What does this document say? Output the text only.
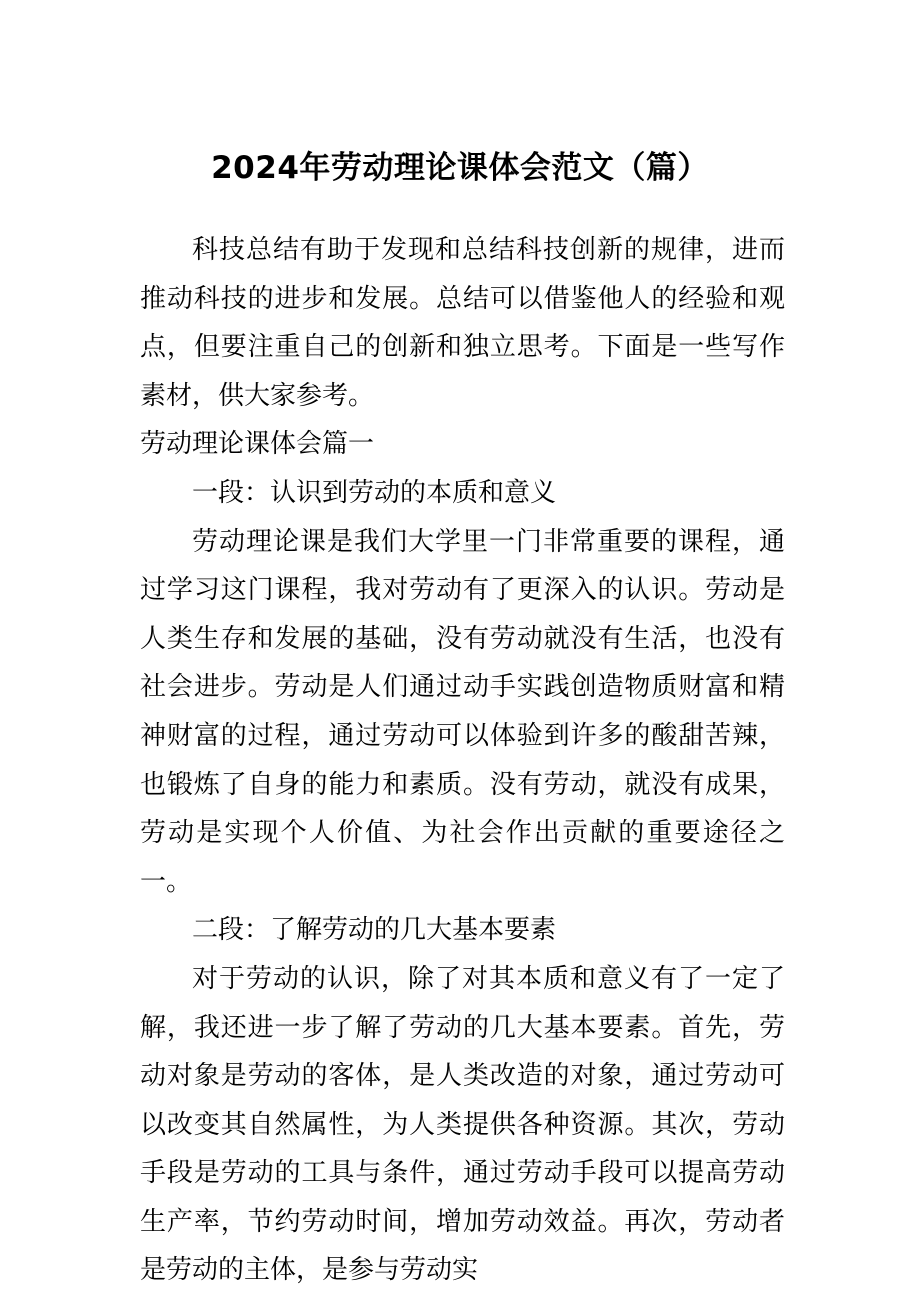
2024年劳动理论课体会范文（篇）

科技总结有助于发现和总结科技创新的规律，进而推动科技的进步和发展。总结可以借鉴他人的经验和观点，但要注重自己的创新和独立思考。下面是一些写作素材，供大家参考。

劳动理论课体会篇一

一段：认识到劳动的本质和意义

劳动理论课是我们大学里一门非常重要的课程，通过学习这门课程，我对劳动有了更深入的认识。劳动是人类生存和发展的基础，没有劳动就没有生活，也没有社会进步。劳动是人们通过动手实践创造物质财富和精神财富的过程，通过劳动可以体验到许多的酸甜苦辣，也锻炼了自身的能力和素质。没有劳动，就没有成果，劳动是实现个人价值、为社会作出贡献的重要途径之一。

二段：了解劳动的几大基本要素

对于劳动的认识，除了对其本质和意义有了一定了解，我还进一步了解了劳动的几大基本要素。首先，劳动对象是劳动的客体，是人类改造的对象，通过劳动可以改变其自然属性，为人类提供各种资源。其次，劳动手段是劳动的工具与条件，通过劳动手段可以提高劳动生产率，节约劳动时间，增加劳动效益。再次，劳动者是劳动的主体，是参与劳动实
